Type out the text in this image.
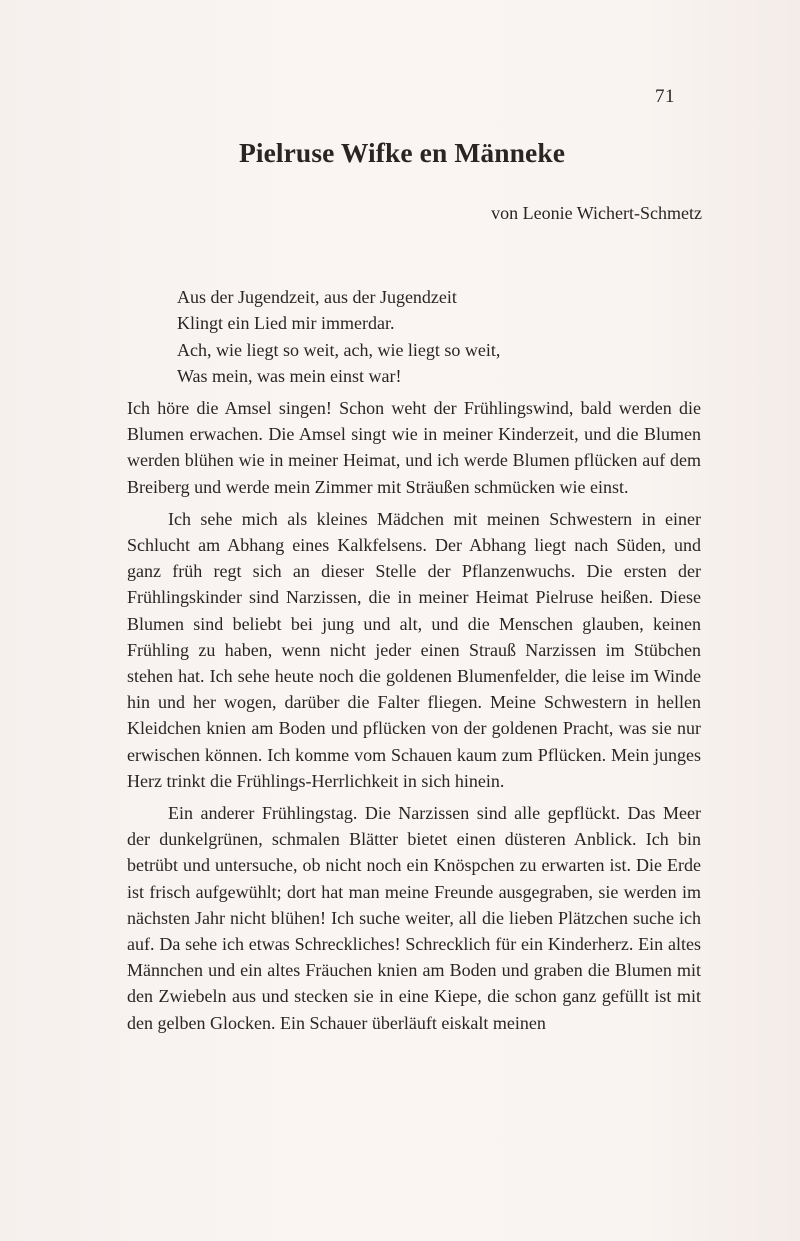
71
Pielruse Wifke en Männeke
von Leonie Wichert-Schmetz
Aus der Jugendzeit, aus der Jugendzeit
Klingt ein Lied mir immerdar.
Ach, wie liegt so weit, ach, wie liegt so weit,
Was mein, was mein einst war!

Ich höre die Amsel singen! Schon weht der Frühlingswind, bald werden die Blumen erwachen. Die Amsel singt wie in meiner Kinderzeit, und die Blumen werden blühen wie in meiner Heimat, und ich werde Blumen pflücken auf dem Breiberg und werde mein Zimmer mit Sträußen schmücken wie einst.

Ich sehe mich als kleines Mädchen mit meinen Schwestern in einer Schlucht am Abhang eines Kalkfelsens. Der Abhang liegt nach Süden, und ganz früh regt sich an dieser Stelle der Pflanzenwuchs. Die ersten der Frühlingskinder sind Narzissen, die in meiner Heimat Pielruse heißen. Diese Blumen sind beliebt bei jung und alt, und die Menschen glauben, keinen Frühling zu haben, wenn nicht jeder einen Strauß Narzissen im Stübchen stehen hat. Ich sehe heute noch die goldenen Blumenfelder, die leise im Winde hin und her wogen, darüber die Falter fliegen. Meine Schwestern in hellen Kleidchen knien am Boden und pflücken von der goldenen Pracht, was sie nur erwischen können. Ich komme vom Schauen kaum zum Pflücken. Mein junges Herz trinkt die Frühlings-Herrlichkeit in sich hinein.

Ein anderer Frühlingstag. Die Narzissen sind alle gepflückt. Das Meer der dunkelgrünen, schmalen Blätter bietet einen düsteren Anblick. Ich bin betrübt und untersuche, ob nicht noch ein Knöspchen zu erwarten ist. Die Erde ist frisch aufgewühlt; dort hat man meine Freunde ausgegraben, sie werden im nächsten Jahr nicht blühen! Ich suche weiter, all die lieben Plätzchen suche ich auf. Da sehe ich etwas Schreckliches! Schrecklich für ein Kinderherz. Ein altes Männchen und ein altes Fräuchen knien am Boden und graben die Blumen mit den Zwiebeln aus und stecken sie in eine Kiepe, die schon ganz gefüllt ist mit den gelben Glocken. Ein Schauer überläuft eiskalt meinen
